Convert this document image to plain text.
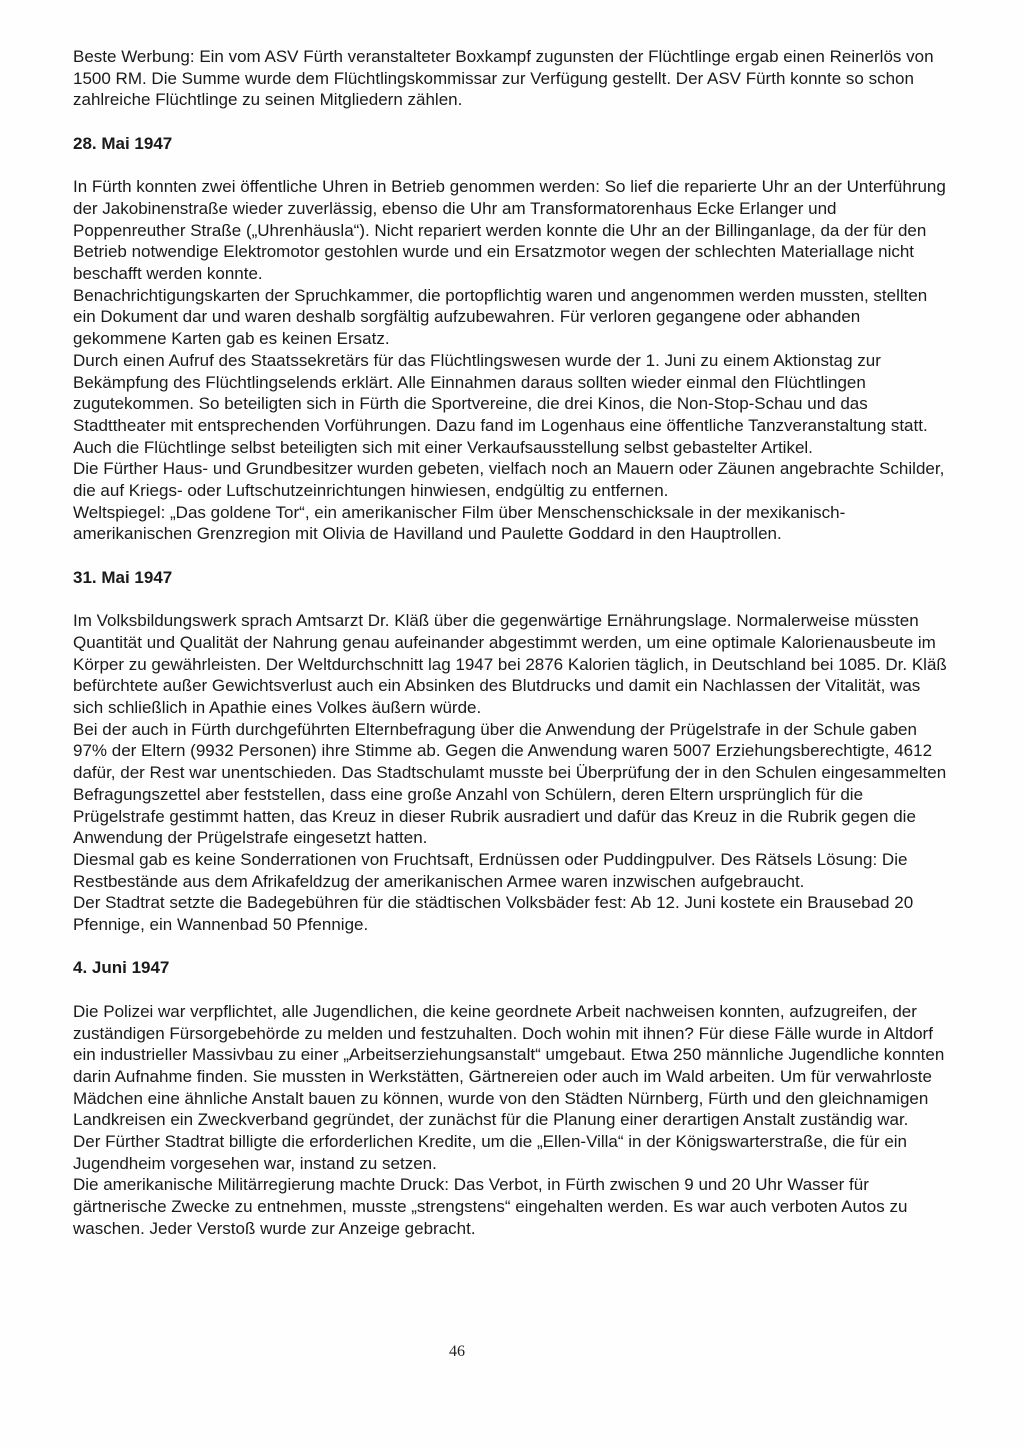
Beste Werbung: Ein vom ASV Fürth veranstalteter Boxkampf zugunsten der Flüchtlinge ergab einen Reinerlös von 1500 RM. Die Summe wurde dem Flüchtlingskommissar zur Verfügung gestellt. Der ASV Fürth konnte so schon zahlreiche Flüchtlinge zu seinen Mitgliedern zählen.

28. Mai 1947

In Fürth konnten zwei öffentliche Uhren in Betrieb genommen werden: So lief die reparierte Uhr an der Unterführung der Jakobinenstraße wieder zuverlässig, ebenso die Uhr am Transformatorenhaus Ecke Erlanger und Poppenreuther Straße („Uhrenhäusla“). Nicht repariert werden konnte die Uhr an der Billinganlage, da der für den Betrieb notwendige Elektromotor gestohlen wurde und ein Ersatzmotor wegen der schlechten Materiallage nicht beschafft werden konnte.

Benachrichtigungskarten der Spruchkammer, die portopflichtig waren und angenommen werden mussten, stellten ein Dokument dar und waren deshalb sorgfältig aufzubewahren. Für verloren gegangene oder abhanden gekommene Karten gab es keinen Ersatz.

Durch einen Aufruf des Staatssekretärs für das Flüchtlingswesen wurde der 1. Juni zu einem Aktionstag zur Bekämpfung des Flüchtlingselends erklärt. Alle Einnahmen daraus sollten wieder einmal den Flüchtlingen zugutekommen. So beteiligten sich in Fürth die Sportvereine, die drei Kinos, die Non-Stop-Schau und das Stadttheater mit entsprechenden Vorführungen. Dazu fand im Logenhaus eine öffentliche Tanzveranstaltung statt. Auch die Flüchtlinge selbst beteiligten sich mit einer Verkaufsausstellung selbst gebastelter Artikel.

Die Fürther Haus- und Grundbesitzer wurden gebeten, vielfach noch an Mauern oder Zäunen angebrachte Schilder, die auf Kriegs- oder Luftschutzeinrichtungen hinwiesen, endgültig zu entfernen.

Weltspiegel: „Das goldene Tor“, ein amerikanischer Film über Menschenschicksale in der mexikanisch-amerikanischen Grenzregion mit Olivia de Havilland und Paulette Goddard in den Hauptrollen.

31. Mai 1947

Im Volksbildungswerk sprach Amtsarzt Dr. Kläß über die gegenwärtige Ernährungslage. Normalerweise müssten Quantität und Qualität der Nahrung genau aufeinander abgestimmt werden, um eine optimale Kalorienausbeute im Körper zu gewährleisten. Der Weltdurchschnitt lag 1947 bei 2876 Kalorien täglich, in Deutschland bei 1085. Dr. Kläß befürchtete außer Gewichtsverlust auch ein Absinken des Blutdrucks und damit ein Nachlassen der Vitalität, was sich schließlich in Apathie eines Volkes äußern würde.

Bei der auch in Fürth durchgeführten Elternbefragung über die Anwendung der Prügelstrafe in der Schule gaben 97% der Eltern (9932 Personen) ihre Stimme ab. Gegen die Anwendung waren 5007 Erziehungsberechtigte, 4612 dafür, der Rest war unentschieden. Das Stadtschulamt musste bei Überprüfung der in den Schulen eingesammelten Befragungszettel aber feststellen, dass eine große Anzahl von Schülern, deren Eltern ursprünglich für die Prügelstrafe gestimmt hatten, das Kreuz in dieser Rubrik ausradiert und dafür das Kreuz in die Rubrik gegen die Anwendung der Prügelstrafe eingesetzt hatten.

Diesmal gab es keine Sonderrationen von Fruchtsaft, Erdnüssen oder Puddingpulver. Des Rätsels Lösung: Die Restbestände aus dem Afrikafeldzug der amerikanischen Armee waren inzwischen aufgebraucht.

Der Stadtrat setzte die Badegebühren für die städtischen Volksbäder fest: Ab 12. Juni kostete ein Brausebad 20 Pfennige, ein Wannenbad 50 Pfennige.

4. Juni 1947

Die Polizei war verpflichtet, alle Jugendlichen, die keine geordnete Arbeit nachweisen konnten, aufzugreifen, der zuständigen Fürsorgebehörde zu melden und festzuhalten. Doch wohin mit ihnen? Für diese Fälle wurde in Altdorf ein industrieller Massivbau zu einer „Arbeitserziehungsanstalt“ umgebaut. Etwa 250 männliche Jugendliche konnten darin Aufnahme finden. Sie mussten in Werkstätten, Gärtnereien oder auch im Wald arbeiten. Um für verwahrloste Mädchen eine ähnliche Anstalt bauen zu können, wurde von den Städten Nürnberg, Fürth und den gleichnamigen Landkreisen ein Zweckverband gegründet, der zunächst für die Planung einer derartigen Anstalt zuständig war.

Der Fürther Stadtrat billigte die erforderlichen Kredite, um die „Ellen-Villa“ in der Königswarterstraße, die für ein Jugendheim vorgesehen war, instand zu setzen.

Die amerikanische Militärregierung machte Druck: Das Verbot, in Fürth zwischen 9 und 20 Uhr Wasser für gärtnerische Zwecke zu entnehmen, musste „strengstens“ eingehalten werden. Es war auch verboten Autos zu waschen. Jeder Verstoß wurde zur Anzeige gebracht.

46
